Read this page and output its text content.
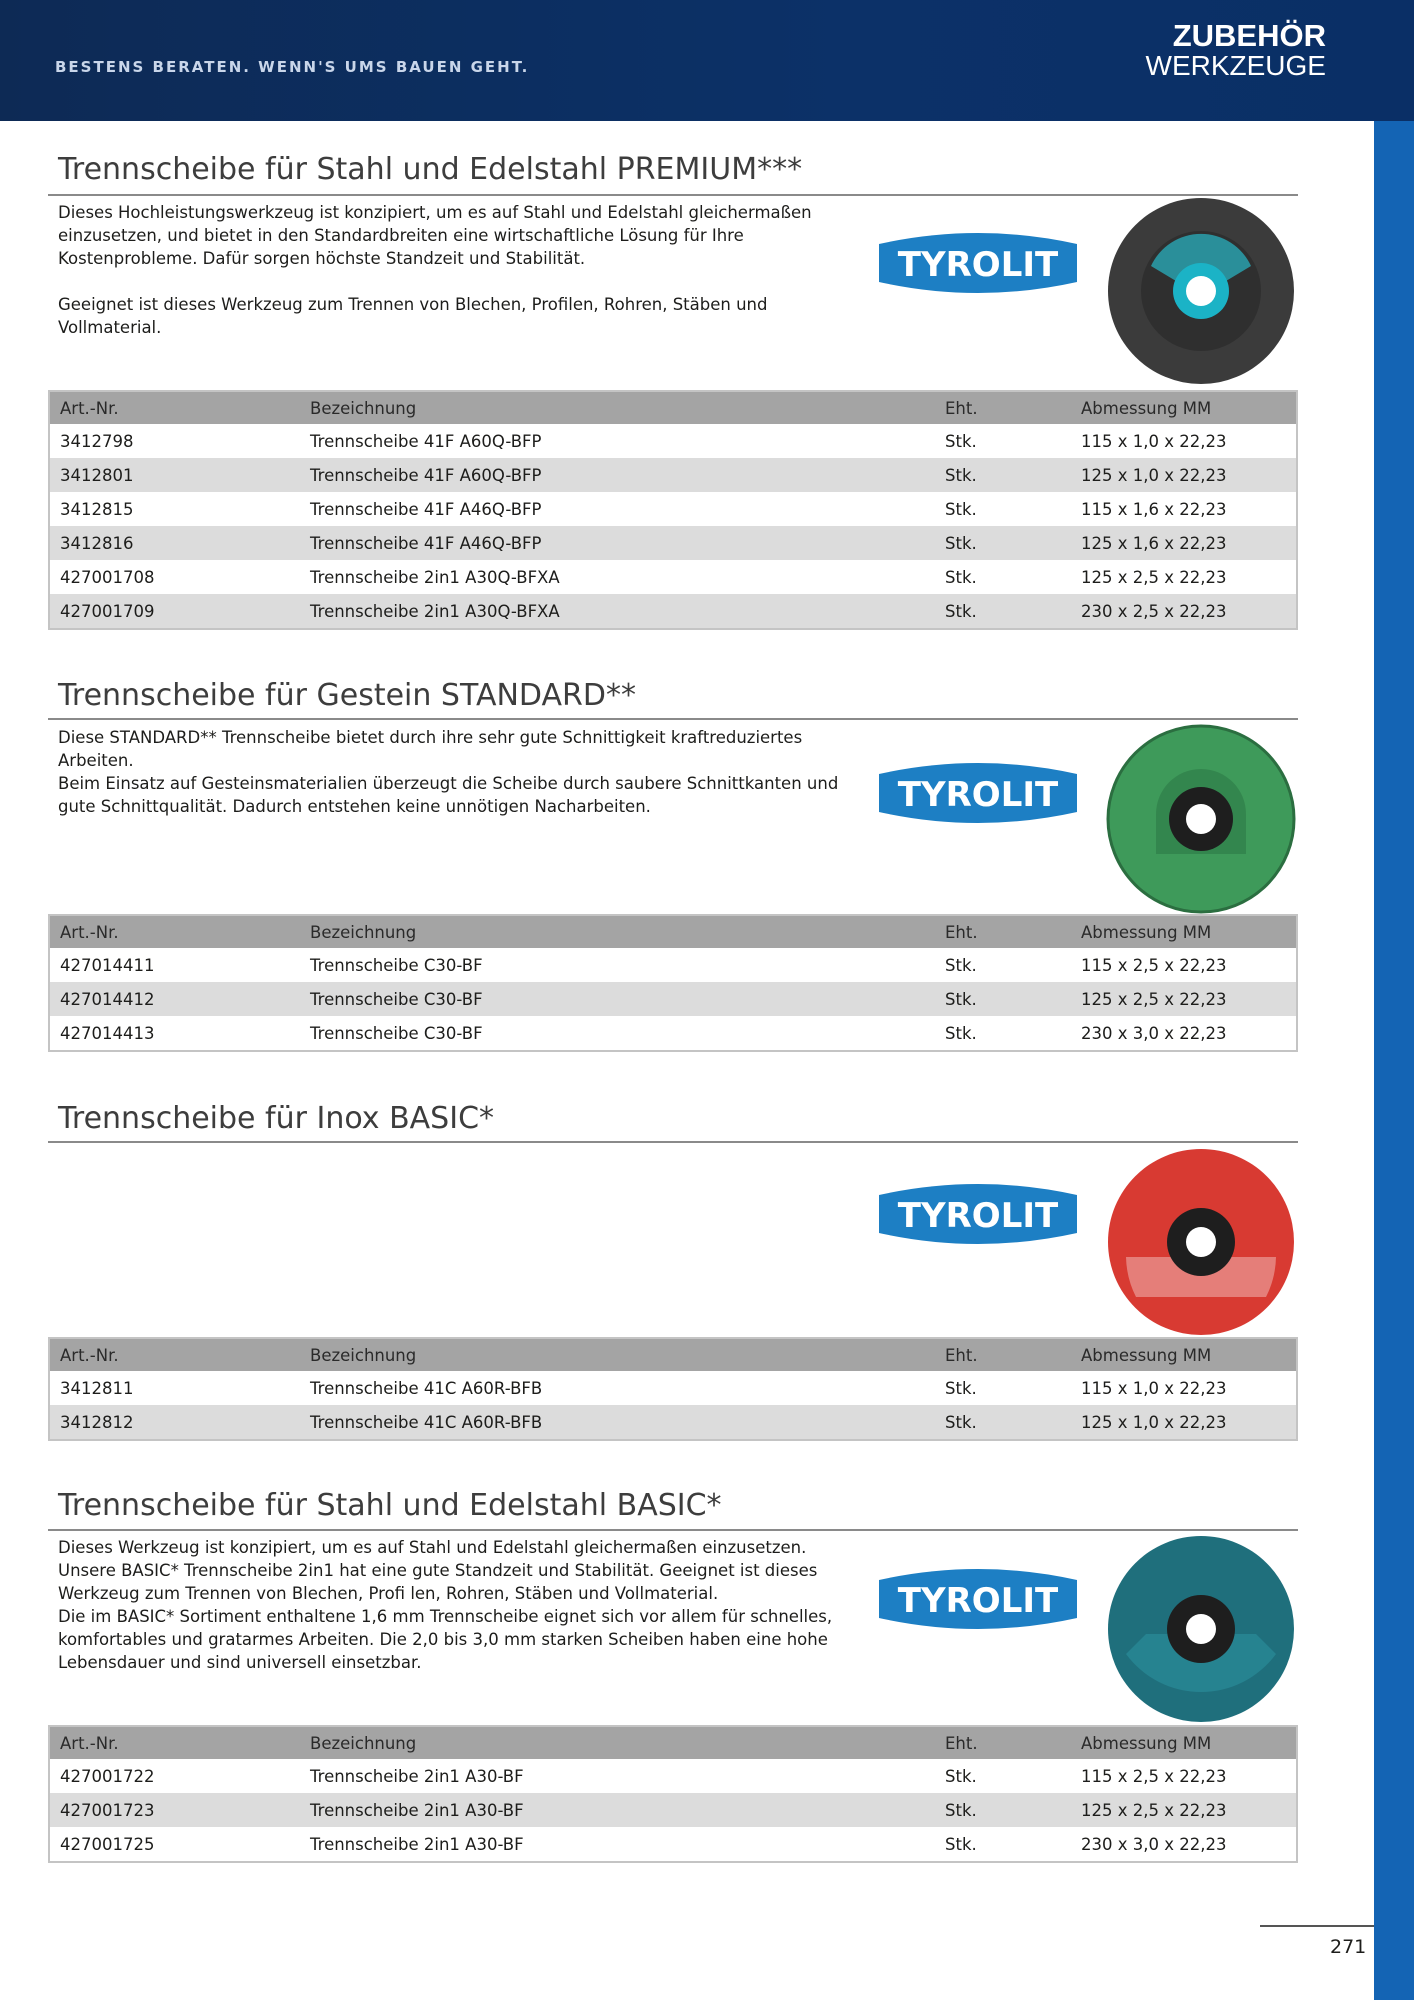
BESTENS BERATEN. WENN'S UMS BAUEN GEHT.
ZUBEHÖR
WERKZEUGE
Trennscheibe für Stahl und Edelstahl PREMIUM***

Dieses Hochleistungswerkzeug ist konzipiert, um es auf Stahl und Edelstahl gleichermaßen einzusetzen, und bietet in den Standardbreiten eine wirtschaftliche Lösung für Ihre Kostenprobleme. Dafür sorgen höchste Standzeit und Stabilität.

Geeignet ist dieses Werkzeug zum Trennen von Blechen, Profilen, Rohren, Stäben und Vollmaterial.

TYROLIT
Art.-Nr.	Bezeichnung	Eht.	Abmessung MM
3412798	Trennscheibe 41F A60Q-BFP	Stk.	115 x 1,0 x 22,23
3412801	Trennscheibe 41F A60Q-BFP	Stk.	125 x 1,0 x 22,23
3412815	Trennscheibe 41F A46Q-BFP	Stk.	115 x 1,6 x 22,23
3412816	Trennscheibe 41F A46Q-BFP	Stk.	125 x 1,6 x 22,23
427001708	Trennscheibe 2in1 A30Q-BFXA	Stk.	125 x 2,5 x 22,23
427001709	Trennscheibe 2in1 A30Q-BFXA	Stk.	230 x 2,5 x 22,23
Trennscheibe für Gestein STANDARD**

Diese STANDARD** Trennscheibe bietet durch ihre sehr gute Schnittigkeit kraftreduziertes Arbeiten.

Beim Einsatz auf Gesteinsmaterialien überzeugt die Scheibe durch saubere Schnittkanten und gute Schnittqualität. Dadurch entstehen keine unnötigen Nacharbeiten.	TYROLIT
Art.-Nr.	Bezeichnung	Eht.	Abmessung MM
427014411	Trennscheibe C30-BF	Stk.	115 x 2,5 x 22,23
427014412	Trennscheibe C30-BF	Stk.	125 x 2,5 x 22,23
427014413	Trennscheibe C30-BF	Stk.	230 x 3,0 x 22,23
Trennscheibe für Inox BASIC*
TYROLIT
Art.-Nr.	Bezeichnung	Eht.	Abmessung MM
3412811	Trennscheibe 41C A60R-BFB	Stk.	115 x 1,0 x 22,23
3412812	Trennscheibe 41C A60R-BFB	Stk.	125 x 1,0 x 22,23
Trennscheibe für Stahl und Edelstahl BASIC*

Dieses Werkzeug ist konzipiert, um es auf Stahl und Edelstahl gleichermaßen einzusetzen.

Unsere BASIC* Trennscheibe 2in1 hat eine gute Standzeit und Stabilität. Geeignet ist dieses Werkzeug zum Trennen von Blechen, Profi len, Rohren, Stäben und Vollmaterial.

Die im BASIC* Sortiment enthaltene 1,6 mm Trennscheibe eignet sich vor allem für schnelles, komfortables und gratarmes Arbeiten. Die 2,0 bis 3,0 mm starken Scheiben haben eine hohe Lebensdauer und sind universell einsetzbar.

TYROLIT
Art.-Nr.	Bezeichnung	Eht.	Abmessung MM
427001722	Trennscheibe 2in1 A30-BF	Stk.	115 x 2,5 x 22,23
427001723	Trennscheibe 2in1 A30-BF	Stk.	125 x 2,5 x 22,23
427001725	Trennscheibe 2in1 A30-BF	Stk.	230 x 3,0 x 22,23
271
